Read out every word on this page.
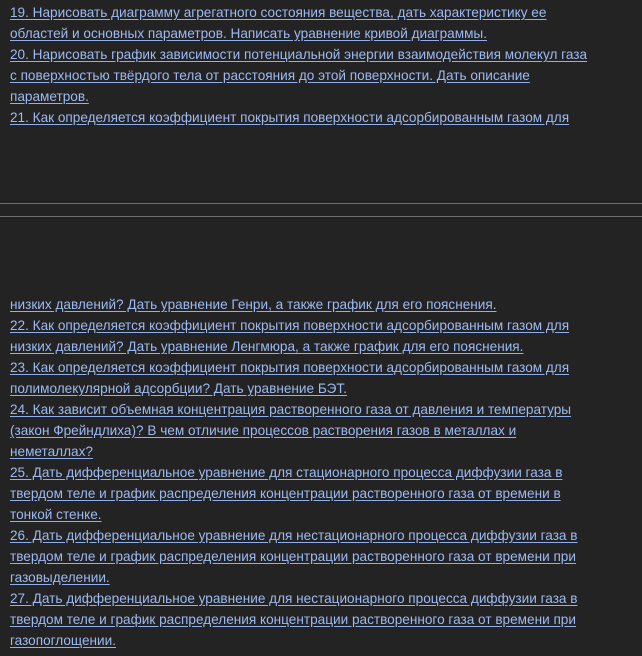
19. Нарисовать диаграмму агрегатного состояния вещества, дать характеристику ее
областей и основных параметров. Написать уравнение кривой диаграммы.
20. Нарисовать график зависимости потенциальной энергии взаимодействия молекул газа
с поверхностью твёрдого тела от расстояния до этой поверхности. Дать описание
параметров.
21. Как определяется коэффициент покрытия поверхности адсорбированным газом для
низких давлений? Дать уравнение Генри, а также график для его пояснения.
22. Как определяется коэффициент покрытия поверхности адсорбированным газом для
низких давлений? Дать уравнение Ленгмюра, а также график для его пояснения.
23. Как определяется коэффициент покрытия поверхности адсорбированным газом для
полимолекулярной адсорбции? Дать уравнение БЭТ.
24. Как зависит объемная концентрация растворенного газа от давления и температуры
(закон Фрейндлиха)? В чем отличие процессов растворения газов в металлах и
неметаллах?
25. Дать дифференциальное уравнение для стационарного процесса диффузии газа в
твердом теле и график распределения концентрации растворенного газа от времени в
тонкой стенке.
26. Дать дифференциальное уравнение для нестационарного процесса диффузии газа в
твердом теле и график распределения концентрации растворенного газа от времени при
газовыделении.
27. Дать дифференциальное уравнение для нестационарного процесса диффузии газа в
твердом теле и график распределения концентрации растворенного газа от времени при
газопоглощении.
